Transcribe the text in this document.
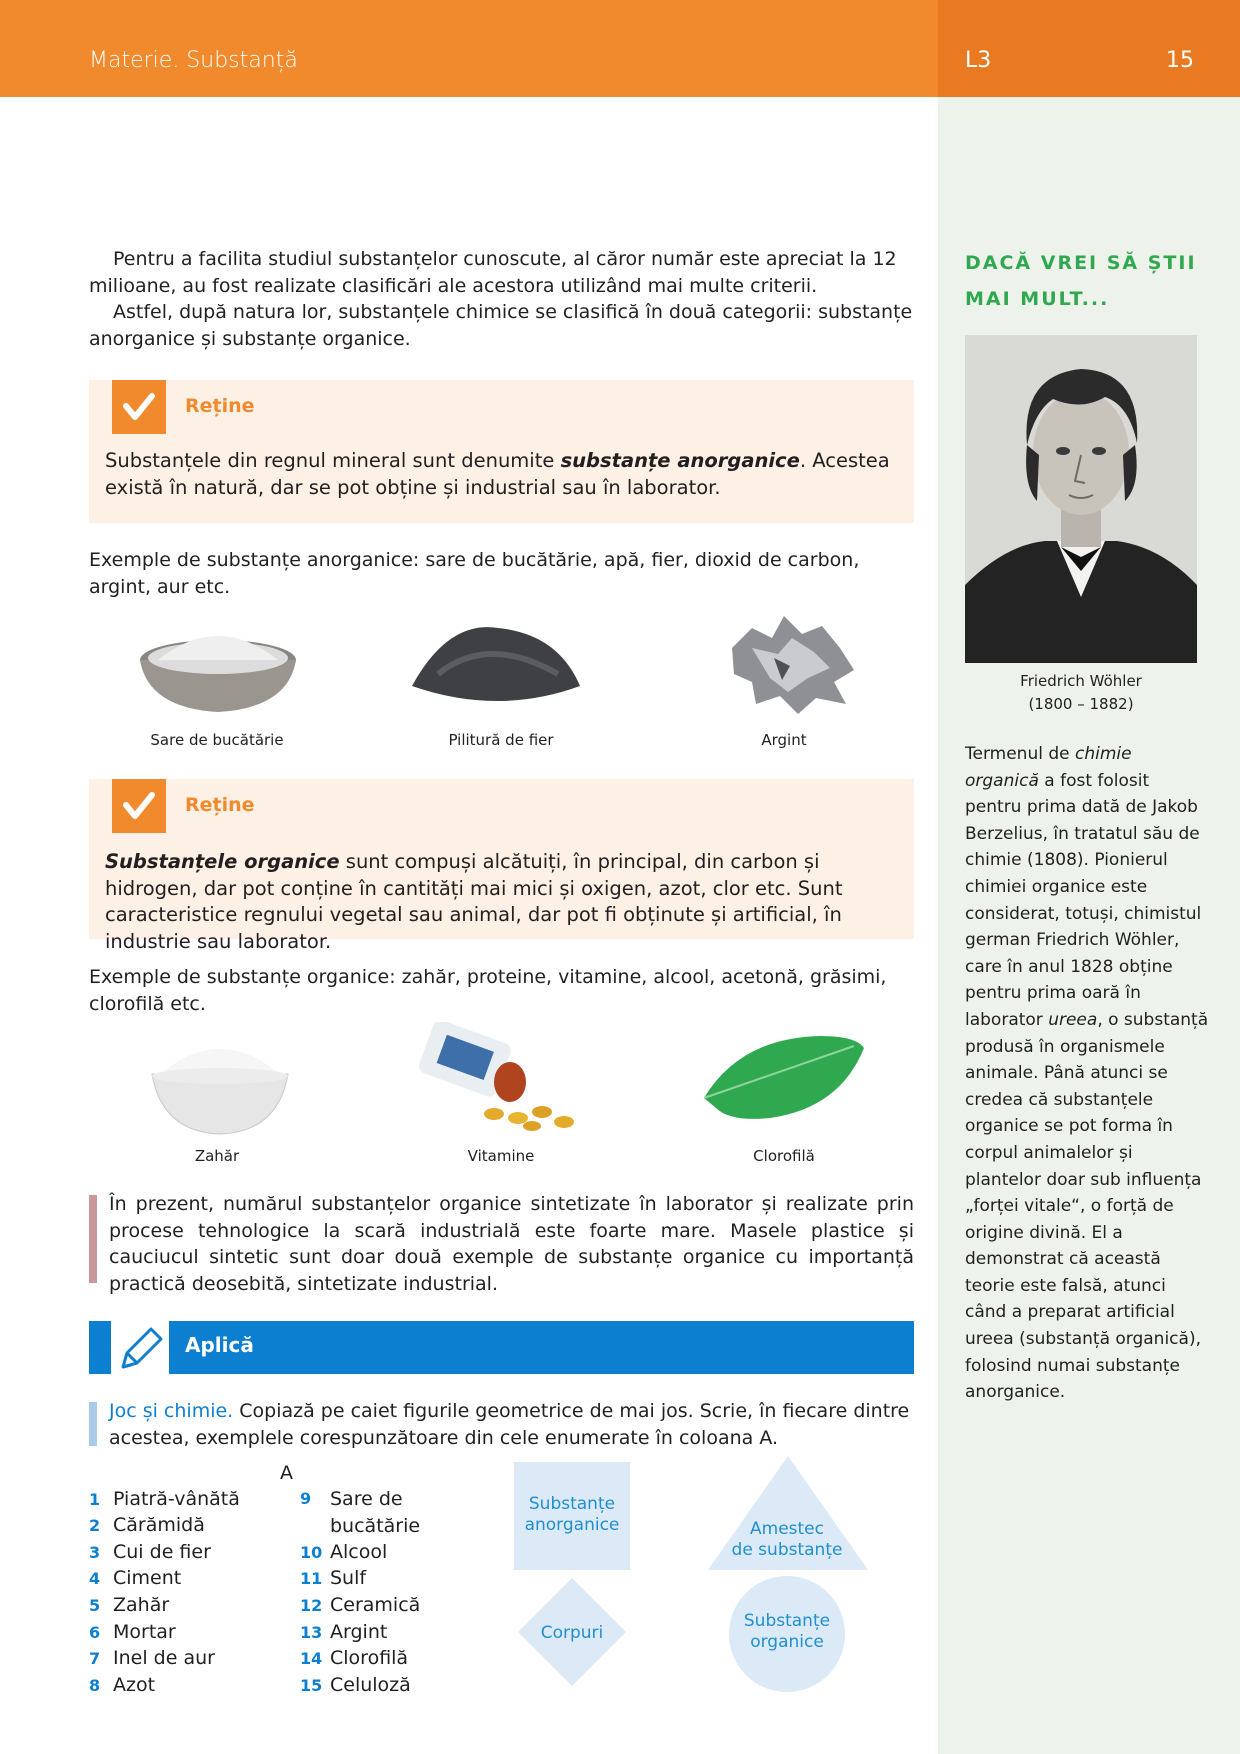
Materie. Substanță	L3	15
Pentru a facilita studiul substanțelor cunoscute, al căror număr este apreciat la 12 milioane, au fost realizate clasificări ale acestora utilizând mai multe criterii.
Astfel, după natura lor, substanțele chimice se clasifică în două categorii: substanțe anorganice și substanțe organice.
Reține
Substanțele din regnul mineral sunt denumite substanțe anorganice. Acestea există în natură, dar se pot obține și industrial sau în laborator.
Exemple de substanțe anorganice: sare de bucătărie, apă, fier, dioxid de carbon, argint, aur etc.
Sare de bucătărie	Pilitură de fier	Argint
Reține
Substanțele organice sunt compuși alcătuiți, în principal, din carbon și hidrogen, dar pot conține în cantități mai mici și oxigen, azot, clor etc. Sunt caracteristice regnului vegetal sau animal, dar pot fi obținute și artificial, în industrie sau laborator.
Exemple de substanțe organice: zahăr, proteine, vitamine, alcool, acetonă, grăsimi, clorofilă etc.
Zahăr	Vitamine	Clorofilă
În prezent, numărul substanțelor organice sintetizate în laborator și realizate prin procese tehnologice la scară industrială este foarte mare. Masele plastice și cauciucul sintetic sunt doar două exemple de substanțe organice cu importanță practică deosebită, sintetizate industrial.
Aplică
Joc și chimie. Copiază pe caiet figurile geometrice de mai jos. Scrie, în fiecare dintre acestea, exemplele corespunzătoare din cele enumerate în coloana A.
A
1 Piatră-vânătă
2 Cărămidă
3 Cui de fier
4 Ciment
5 Zahăr
6 Mortar
7 Inel de aur
8 Azot
9 Sare de bucătărie
10 Alcool
11 Sulf
12 Ceramică
13 Argint
14 Clorofilă
15 Celuloză
Substanțe
anorganice
Corpuri
Amestec
de substanțe
Substanțe
organice
DACĂ VREI SĂ ȘTII
MAI MULT...
Friedrich Wöhler
(1800 – 1882)
Termenul de chimie organică a fost folosit pentru prima dată de Jakob Berzelius, în tratatul său de chimie (1808). Pionierul chimiei organice este considerat, totuși, chimistul german Friedrich Wöhler, care în anul 1828 obține pentru prima oară în laborator ureea, o substanță produsă în organismele animale. Până atunci se credea că substanțele organice se pot forma în corpul animalelor și plantelor doar sub influența „forței vitale“, o forță de origine divină. El a demonstrat că această teorie este falsă, atunci când a preparat artificial ureea (substanță organică), folosind numai substanțe anorganice.
